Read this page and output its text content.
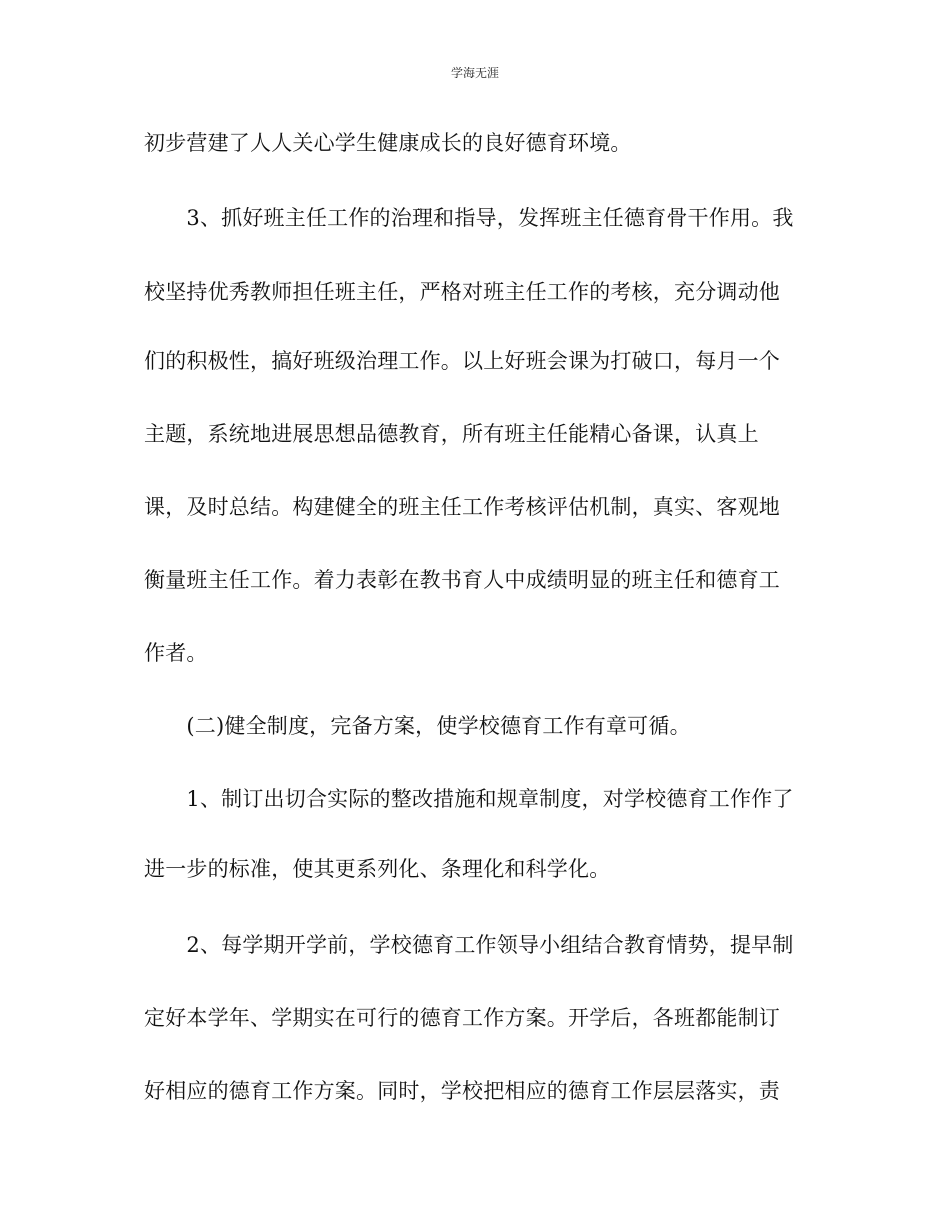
学海无涯
初步营建了人人关心学生健康成长的良好德育环境。
　　3、抓好班主任工作的治理和指导，发挥班主任德育骨干作用。我
校坚持优秀教师担任班主任，严格对班主任工作的考核，充分调动他
们的积极性，搞好班级治理工作。以上好班会课为打破口，每月一个
主题，系统地进展思想品德教育，所有班主任能精心备课，认真上
课，及时总结。构建健全的班主任工作考核评估机制，真实、客观地
衡量班主任工作。着力表彰在教书育人中成绩明显的班主任和德育工
作者。
　　(二)健全制度，完备方案，使学校德育工作有章可循。
　　1、制订出切合实际的整改措施和规章制度，对学校德育工作作了
进一步的标准，使其更系列化、条理化和科学化。
　　2、每学期开学前，学校德育工作领导小组结合教育情势，提早制
定好本学年、学期实在可行的德育工作方案。开学后，各班都能制订
好相应的德育工作方案。同时，学校把相应的德育工作层层落实，责
